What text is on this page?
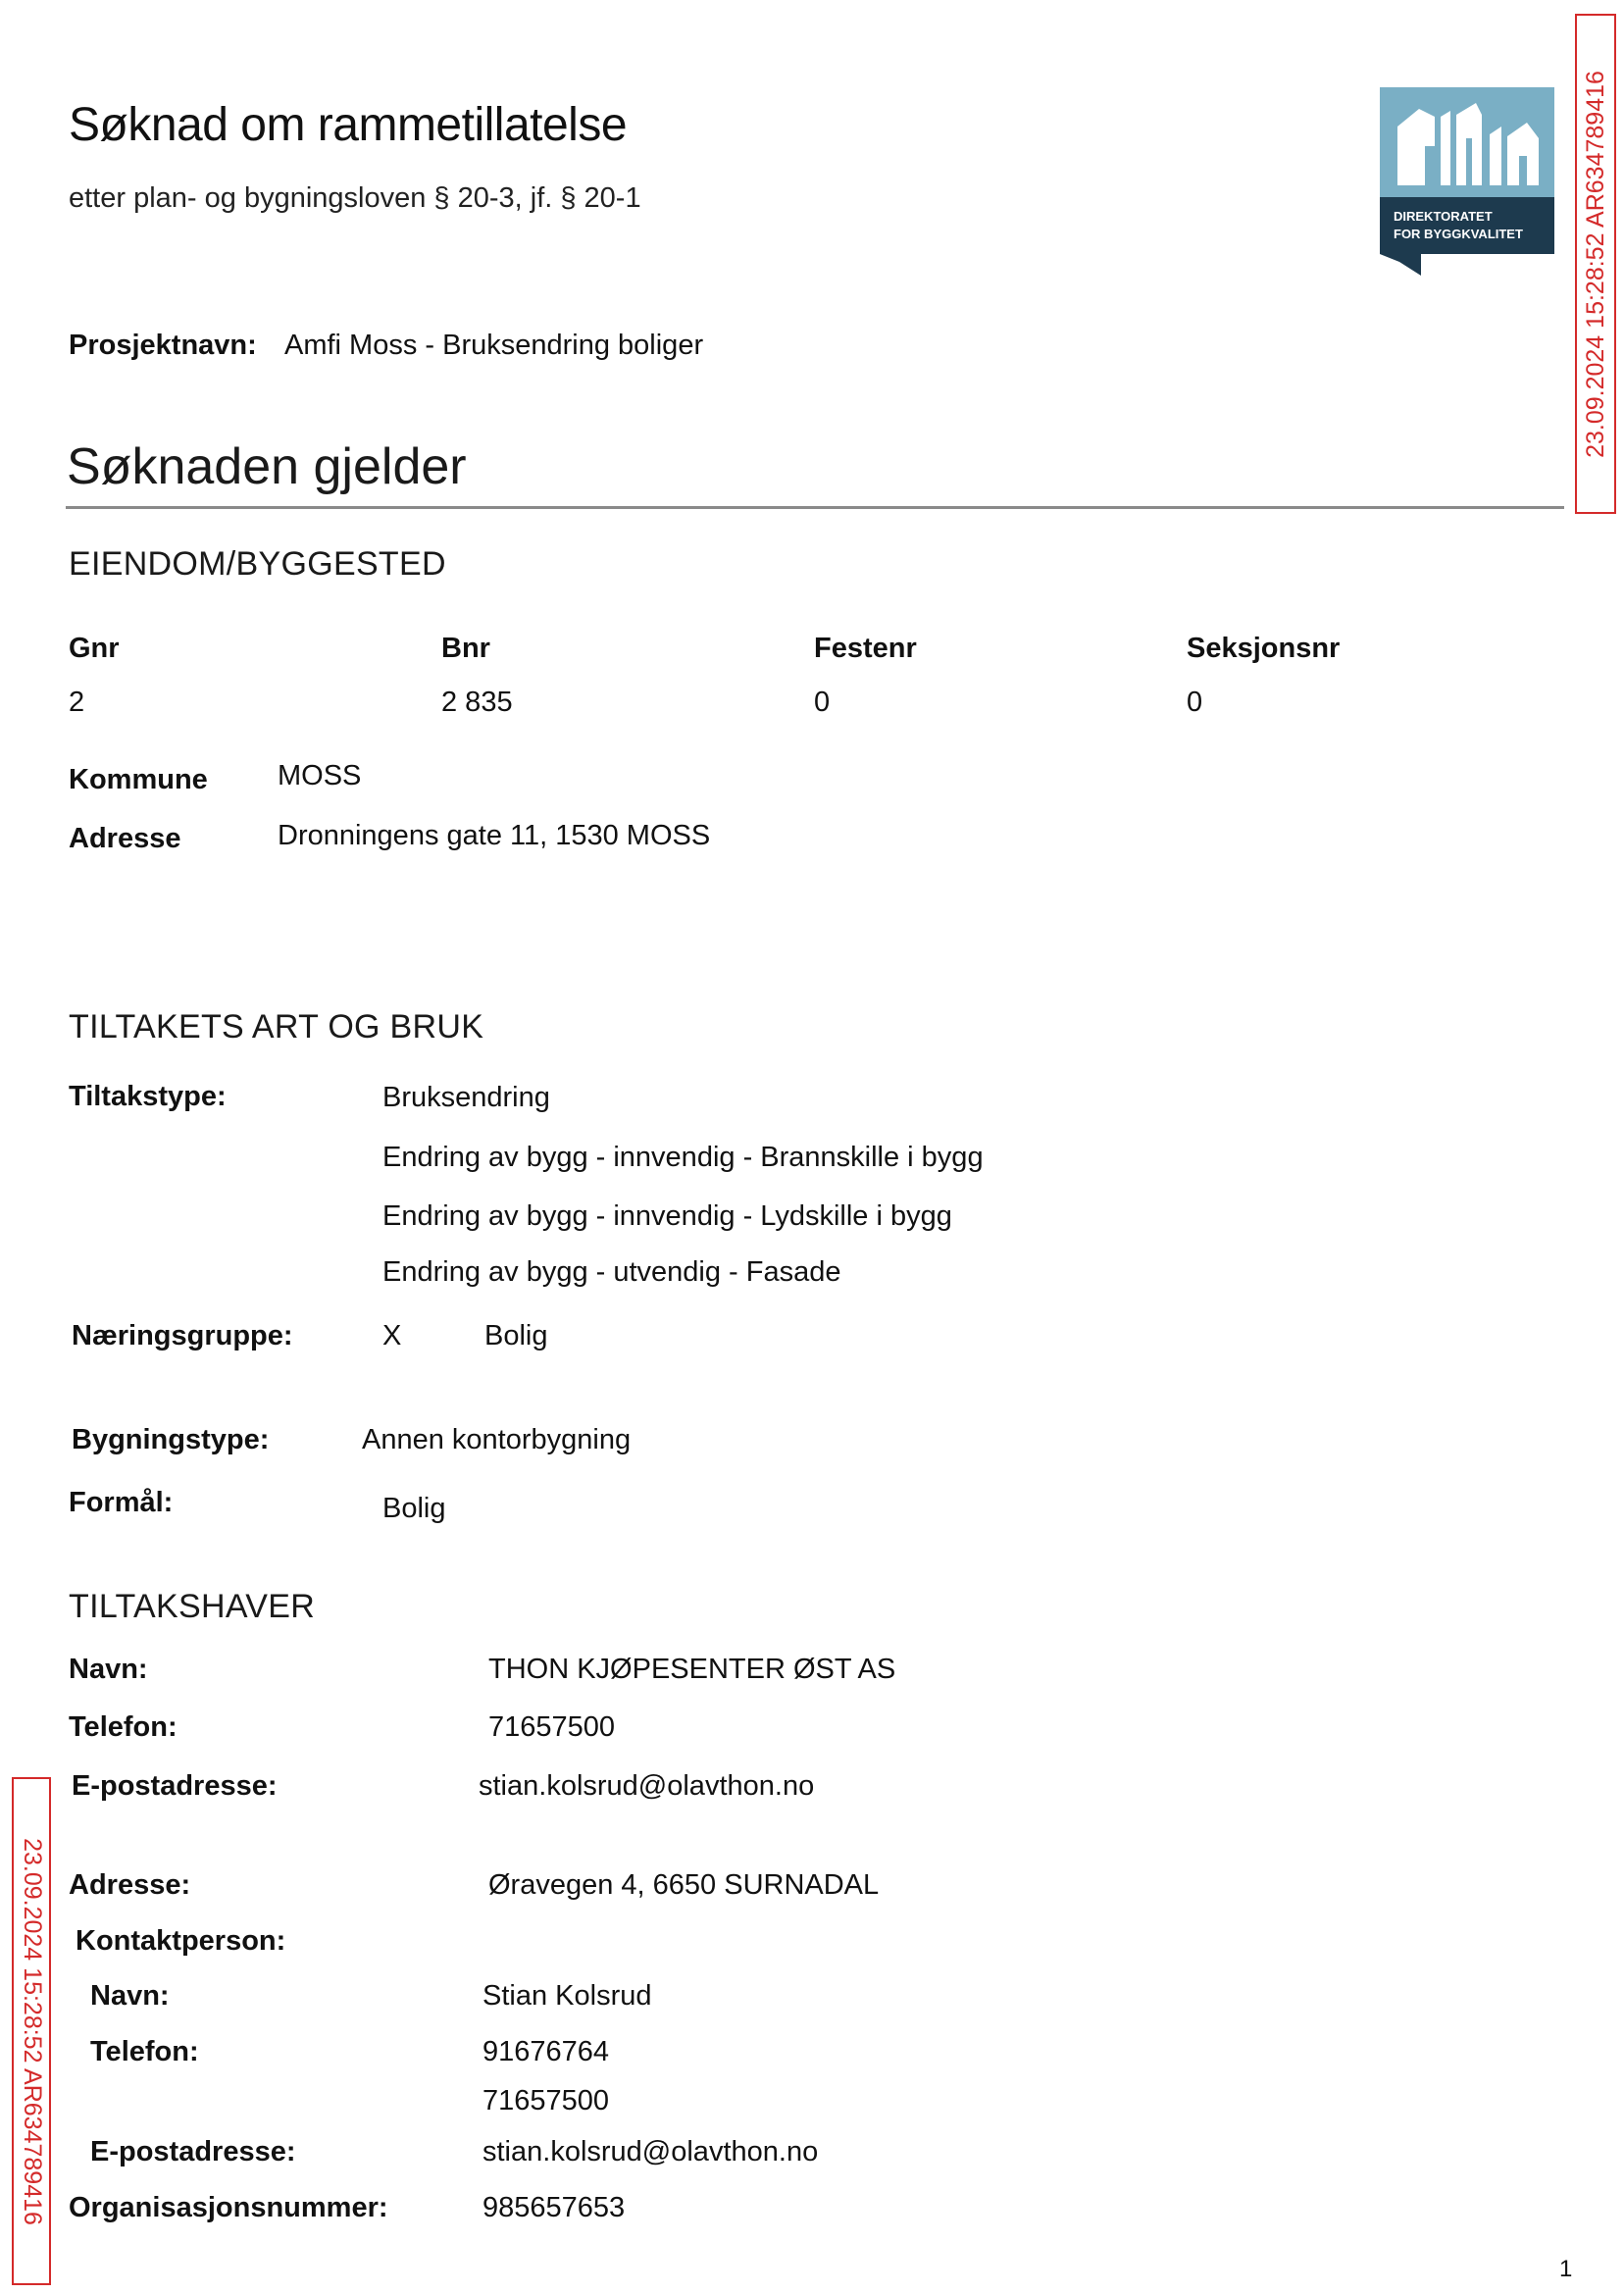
Søknad om rammetillatelse
etter plan- og bygningsloven § 20-3, jf. § 20-1
DIREKTORATET
FOR BYGGKVALITET 23.09.2024 15:28:52 AR634789416
23.09.2024 15:28:52 AR634789416
Prosjektnavn: Amfi Moss - Bruksendring boliger
Søknaden gjelder
EIENDOM/BYGGESTED
Gnr	Bnr	Festenr	Seksjonsnr
2	2 835	0	0
Kommune MOSS
Adresse	Dronningens gate 11, 1530 MOSS
TILTAKETS ART OG BRUK
Tiltakstype:	Bruksendring
Endring av bygg - innvendig - Brannskille i bygg
Endring av bygg - innvendig - Lydskille i bygg
Endring av bygg - utvendig - Fasade
Næringsgruppe:	X	Bolig
Bygningstype:	Annen kontorbygning
Formål:	Bolig
TILTAKSHAVER
Navn:	THON KJØPESENTER ØST AS
Telefon:	71657500
E-postadresse:	stian.kolsrud@olavthon.no
Adresse:	Øravegen 4, 6650 SURNADAL
Kontaktperson:
Navn:	Stian Kolsrud
Telefon:	91676764
71657500
E-postadresse:	stian.kolsrud@olavthon.no
Organisasjonsnummer:	985657653
1
